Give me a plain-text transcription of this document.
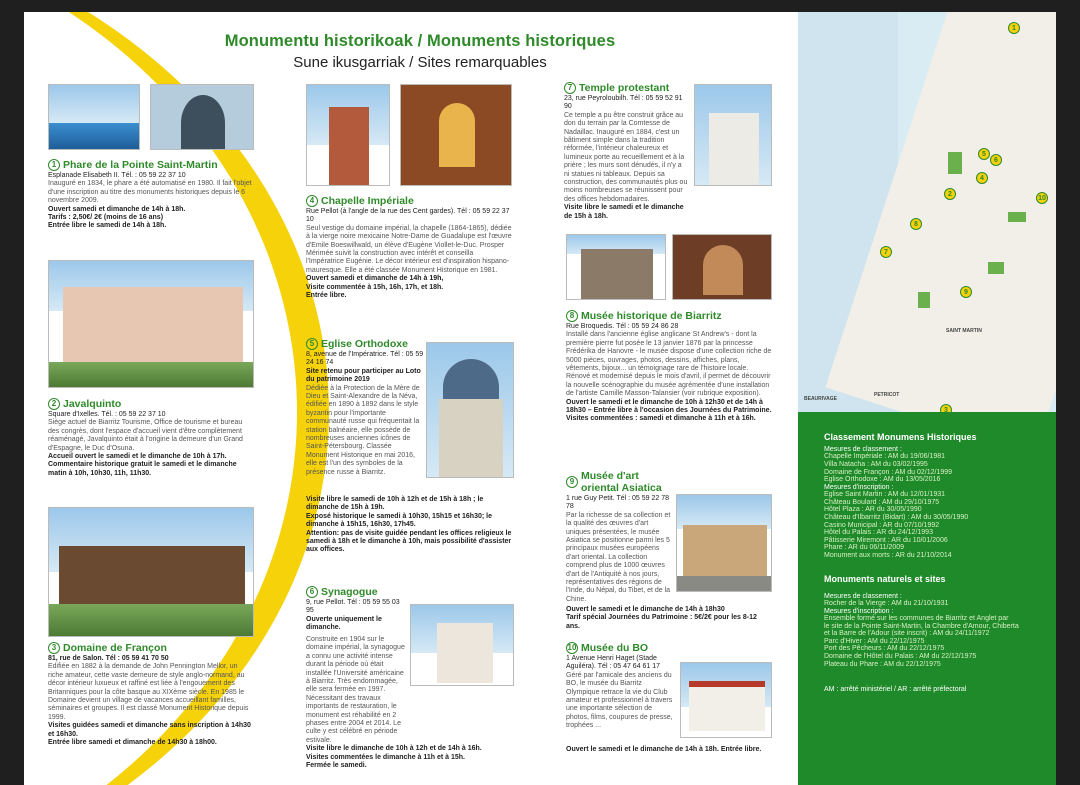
Monumentu historikoak / Monuments historiques
Sune ikusgarriak / Sites remarquables
1 Phare de la Pointe Saint-Martin
Esplanade Elisabeth II. Tél. : 05 59 22 37 10
Inauguré en 1834, le phare a été automatisé en 1980. Il fait l'objet d'une inscription au titre des monuments historiques depuis le 6 novembre 2009.
Ouvert samedi et dimanche de 14h à 18h.
Tarifs : 2,50€/ 2€ (moins de 16 ans)
Entrée libre le samedi de 14h à 18h.
2 Javalquinto
Square d'Ixelles. Tél. : 05 59 22 37 10
Siège actuel de Biarritz Tourisme, Office de tourisme et bureau des congrès, dont l'espace d'accueil vient d'être complètement réaménagé, Javalquinto était à l'origine la demeure d'un Grand d'Espagne, le Duc d'Osuna.
Accueil ouvert le samedi et le dimanche de 10h à 17h.
Commentaire historique gratuit le samedi et le dimanche matin à 10h, 10h30, 11h, 11h30.
3 Domaine de Françon
81, rue de Salon. Tél : 05 59 41 70 50
Edifiée en 1882 à la demande de John Pennington Mellor, un riche amateur, cette vaste demeure de style anglo-normand, au décor intérieur luxueux et raffiné est liée à l'engouement des Britanniques pour la côte basque au XIXème siècle. En 1985 le Domaine devient un village de vacances accueillant familles, séminaires et groupes. Il est classé Monument Historique depuis 1999.
Visites guidées samedi et dimanche sans inscription à 14h30 et 16h30.
Entrée libre samedi et dimanche de 14h30 à 18h00.
4 Chapelle Impériale
Rue Pellot (à l'angle de la rue des Cent gardes). Tél : 05 59 22 37 10
Seul vestige du domaine impérial, la chapelle (1864-1865), dédiée à la vierge noire mexicaine Notre-Dame de Guadalupe est l'œuvre d'Emile Boeswillwald, un élève d'Eugène Viollet-le-Duc. Prosper Mérimée suivit la construction avec intérêt et conseilla l'Impératrice Eugénie. Le décor intérieur est d'inspiration hispano-mauresque. Elle a été classée Monument Historique en 1981.
Ouvert samedi et dimanche de 14h à 19h,
Visite commentée à 15h, 16h, 17h, et 18h.
Entrée libre.
5 Eglise Orthodoxe
8, avenue de l'Impératrice. Tél : 05 59 24 16 74
Site retenu pour participer au Loto du patrimoine 2019
Dédiée à la Protection de la Mère de Dieu et Saint-Alexandre de la Néva, édifiée en 1890 à 1892 dans le style byzantin pour l'importante communauté russe qui fréquentait la station balnéaire, elle possède de nombreuses anciennes icônes de Saint-Pétersbourg. Classée Monument Historique en mai 2016, elle est l'un des symboles de la présence russe à Biarritz.
Visite libre le samedi de 10h à 12h et de 15h à 18h ; le dimanche de 15h à 19h.
Exposé historique le samedi à 10h30, 15h15 et 16h30; le dimanche à 15h15, 16h30, 17h45.
Attention: pas de visite guidée pendant les offices religieux le samedi à 18h et le dimanche à 10h, mais possibilité d'assister aux offices.
6 Synagogue
9, rue Pellot. Tél : 05 59 55 03 95
Ouverte uniquement le dimanche.
Construite en 1904 sur le domaine impérial, la synagogue a connu une activité intense durant la période où était installée l'Université américaine à Biarritz. Très endommagée, elle sera fermée en 1997. Nécessitant des travaux importants de restauration, le monument est réhabilité en 2 phases entre 2004 et 2014. Le culte y est célébré en période estivale.
Visite libre le dimanche de 10h à 12h et de 14h à 16h.
Visites commentées le dimanche à 11h et à 15h.
Fermée le samedi.
7 Temple protestant
23, rue Peyroloubilh. Tél : 05 59 52 91 90
Ce temple a pu être construit grâce au don du terrain par la Comtesse de Nadaillac. Inauguré en 1884, c'est un bâtiment simple dans la tradition réformée, l'intérieur chaleureux et lumineux porte au recueillement et à la prière ; les murs sont dénudés, il n'y a ni statues ni tableaux. Depuis sa construction, des communautés plus ou moins nombreuses se réunissent pour des offices hebdomadaires.
Visite libre le samedi et le dimanche de 15h à 18h.
8 Musée historique de Biarritz
Rue Broquedis. Tél : 05 59 24 86 28
Installé dans l'ancienne église anglicane St Andrew's - dont la première pierre fut posée le 13 janvier 1876 par la princesse Frédérika de Hanovre - le musée dispose d'une collection riche de 5000 pièces, ouvrages, photos, dessins, affiches, plans, vêtements, bijoux... un témoignage rare de l'histoire locale. Rénové et modernisé depuis le mois d'avril, il permet de découvrir la nouvelle scénographie du musée agrémentée d'une installation de l'artiste Camille Masson-Talansier (voir rubrique exposition).
Ouvert le samedi et le dimanche de 10h à 12h30 et de 14h à 18h30 – Entrée libre à l'occasion des Journées du Patrimoine.
Visites commentées : samedi et dimanche à 11h et à 16h.
9 Musée d'art oriental Asiatica
1 rue Guy Petit. Tél : 05 59 22 78 78
Par la richesse de sa collection et la qualité des œuvres d'art uniques présentées, le musée Asiatica se positionne parmi les 5 principaux musées européens d'art oriental. La collection comprend plus de 1000 œuvres d'art de l'Antiquité à nos jours, représentatives des régions de l'Inde, du Népal, du Tibet, et de la Chine.
Ouvert le samedi et le dimanche de 14h à 18h30
Tarif spécial Journées du Patrimoine : 5€/2€ pour les 8-12 ans.
10 Musée du BO
1 Avenue Henri Haget (Stade Aguiléra). Tél : 05 47 64 61 17
Géré par l'amicale des anciens du BO, le musée du Biarritz Olympique retrace la vie du Club amateur et professionnel à travers une importante sélection de photos, films, coupures de presse, trophées ...
Ouvert le samedi et le dimanche de 14h à 18h. Entrée libre.
SAINT MARTIN
BEAURIVAGE
PETRICOT
1
2
3
4
5
6
7
8
9
10
Classement Monumens Historiques
Mesures de classement :
Chapelle Impériale : AM du 19/06/1981
Villa Natacha : AM du 03/02/1995
Domaine de Françon : AM du 02/12/1999
Eglise Orthodoxe : AM du 13/05/2016
Mesures d'inscription :
Eglise Saint Martin : AM du 12/01/1931
Château Boulard : AM du 29/10/1975
Hôtel Plaza : AR du 30/05/1990
Château d'Ilbarritz (Bidart) : AM du 30/05/1990
Casino Municipal : AR du 07/10/1992
Hôtel du Palais : AR du 24/12/1993
Pâtisserie Miremont : AR du 10/01/2006
Phare : AR du 06/11/2009
Monument aux morts : AR du 21/10/2014
Monuments naturels et sites
Mesures de classement :
Rocher de la Vierge : AM du 21/10/1931
Mesures d'inscription :
Ensemble formé sur les communes de Biarritz et Anglet par
le site de la Pointe Saint-Martin, la Chambre d'Amour, Chiberta
et la Barre de l'Adour (site inscrit) : AM du 24/11/1972
Parc d'Hiver : AM du 22/12/1975
Port des Pêcheurs : AM du 22/12/1975
Domaine de l'Hôtel du Palais : AM du 22/12/1975
Plateau du Phare : AM du 22/12/1975
AM : arrêté ministériel / AR : arrêté préfectoral
